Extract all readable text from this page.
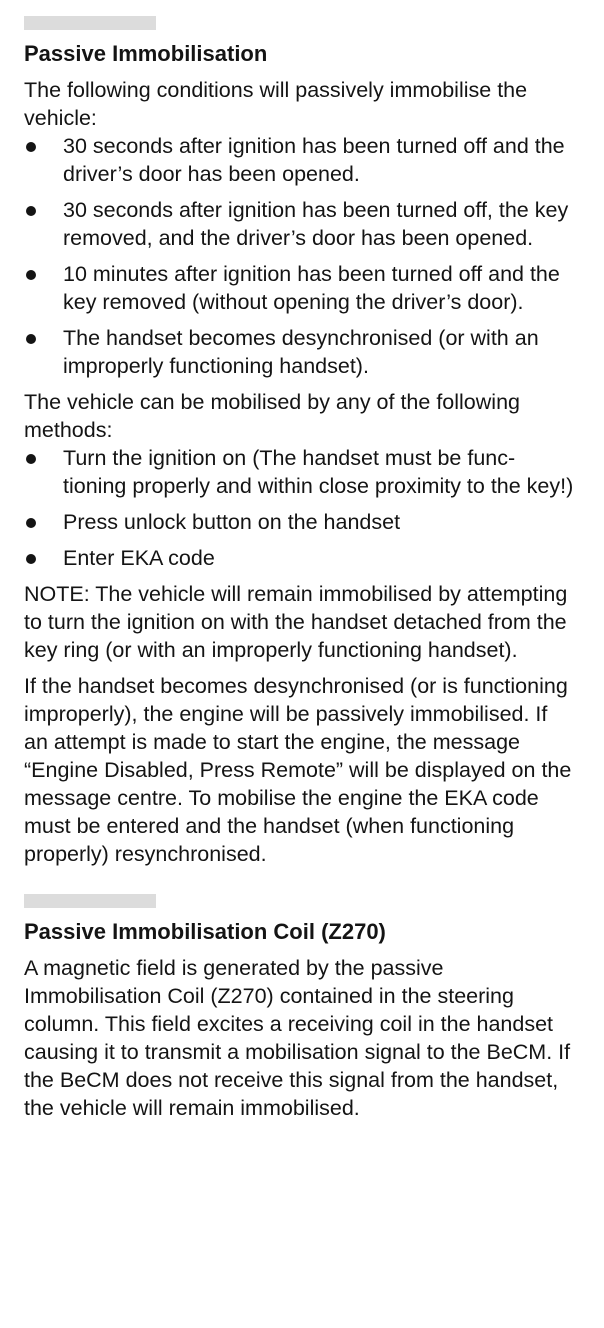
Passive Immobilisation

The following conditions will passively immobilise the vehicle:

30 seconds after ignition has been turned off and the driver’s door has been opened.
30 seconds after ignition has been turned off, the key removed, and the driver’s door has been opened.
10 minutes after ignition has been turned off and the key removed (without opening the driver’s door).
The handset becomes desynchronised (or with an improperly functioning handset).

The vehicle can be mobilised by any of the following methods:

Turn the ignition on (The handset must be func-tioning properly and within close proximity to the key!)
Press unlock button on the handset
Enter EKA code

NOTE: The vehicle will remain immobilised by attempting to turn the ignition on with the handset detached from the key ring (or with an improperly functioning handset).

If the handset becomes desynchronised (or is functioning improperly), the engine will be passively immobilised. If an attempt is made to start the engine, the message “Engine Disabled, Press Remote” will be displayed on the message centre. To mobilise the engine the EKA code must be entered and the handset (when functioning properly) resynchronised.

Passive Immobilisation Coil (Z270)

A magnetic field is generated by the passive Immobilisation Coil (Z270) contained in the steering column. This field excites a receiving coil in the handset causing it to transmit a mobilisation signal to the BeCM. If the BeCM does not receive this signal from the handset, the vehicle will remain immobilised.
